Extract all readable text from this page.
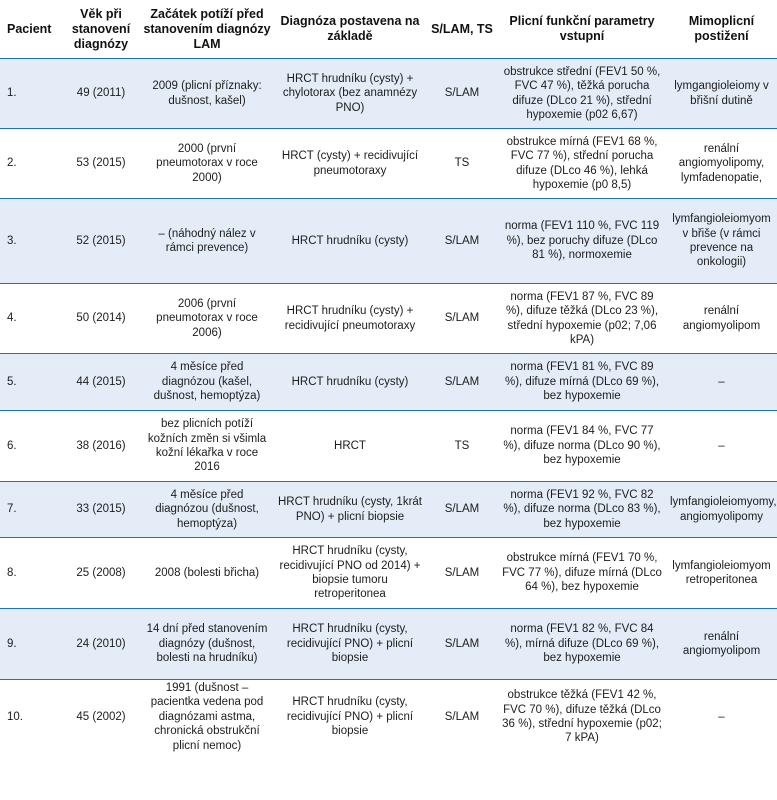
Pacient	Věk při stanovení diagnózy	Začátek potíží před stanovením diagnózy LAM	Diagnóza postavena na základě	S/LAM, TS	Plicní funkční parametry vstupní	Mimoplicní postižení
1.	49 (2011)	2009 (plicní příznaky: dušnost, kašel)	HRCT hrudníku (cysty) + chylotorax (bez anamnézy PNO)	S/LAM	obstrukce střední (FEV1 50 %, FVC 47 %), těžká porucha difuze (DLco 21 %), střední hypoxemie (p02 6,67)	lymgangioleiomy v břišní dutině
2.	53 (2015)	2000 (první pneumotorax v roce 2000)	HRCT (cysty) + recidivující pneumotoraxy	TS	obstrukce mírná (FEV1 68 %, FVC 77 %), střední porucha difuze (DLco 46 %), lehká hypoxemie (p0 8,5)	renální angiomyolipomy, lymfadenopatie,
3.	52 (2015)	– (náhodný nález v rámci prevence)	HRCT hrudníku (cysty)	S/LAM	norma (FEV1 110 %, FVC 119 %), bez poruchy difuze (DLco 81 %), normoxemie	lymfangioleiomyom v břiše (v rámci prevence na onkologii)
4.	50 (2014)	2006 (první pneumotorax v roce 2006)	HRCT hrudníku (cysty) + recidivující pneumotoraxy	S/LAM	norma (FEV1 87 %, FVC 89 %), difuze těžká (DLco 23 %), střední hypoxemie (p02; 7,06 kPA)	renální angiomyolipom
5.	44 (2015)	4 měsíce před diagnózou (kašel, dušnost, hemoptýza)	HRCT hrudníku (cysty)	S/LAM	norma (FEV1 81 %, FVC 89 %), difuze mírná (DLco 69 %), bez hypoxemie	–
6.	38 (2016)	bez plicních potíží kožních změn si všimla kožní lékařka v roce 2016	HRCT	TS	norma (FEV1 84 %, FVC 77 %), difuze norma (DLco 90 %), bez hypoxemie	–
7.	33 (2015)	4 měsíce před diagnózou (dušnost, hemoptýza)	HRCT hrudníku (cysty, 1krát PNO) + plicní biopsie	S/LAM	norma (FEV1 92 %, FVC 82 %), difuze norma (DLco 83 %), bez hypoxemie	lymfangioleiomyomy, angiomyolipomy
8.	25 (2008)	2008 (bolesti břicha)	HRCT hrudníku (cysty, recidivující PNO od 2014) + biopsie tumoru retroperitonea	S/LAM	obstrukce mírná (FEV1 70 %, FVC 77 %), difuze mírná (DLco 64 %), bez hypoxemie	lymfangioleiomyom retroperitonea
9.	24 (2010)	14 dní před stanovením diagnózy (dušnost, bolesti na hrudníku)	HRCT hrudníku (cysty, recidivující PNO) + plicní biopsie	S/LAM	norma (FEV1 82 %, FVC 84 %), mírná difuze (DLco 69 %), bez hypoxemie	renální angiomyolipom
10.	45 (2002)	1991 (dušnost – pacientka vedena pod diagnózami astma, chronická obstrukční plicní nemoc)	HRCT hrudníku (cysty, recidivující PNO) + plicní biopsie	S/LAM	obstrukce těžká (FEV1 42 %, FVC 70 %), difuze těžká (DLco 36 %), střední hypoxemie (p02; 7 kPA)	–
